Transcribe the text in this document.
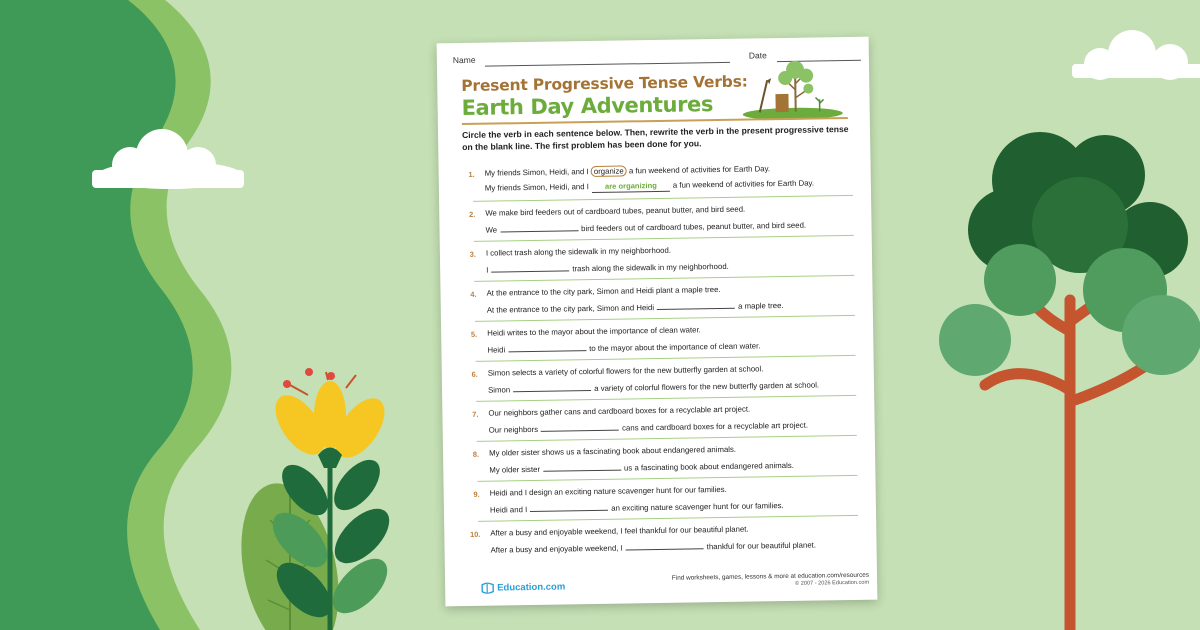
Name	Date
Present Progressive Tense Verbs:
Earth Day Adventures
Circle the verb in each sentence below. Then, rewrite the verb in the present progressive tense on the blank line. The first problem has been done for you.
1. My friends Simon, Heidi, and I organize a fun weekend of activities for Earth Day.
My friends Simon, Heidi, and I are organizing a fun weekend of activities for Earth Day.
2. We make bird feeders out of cardboard tubes, peanut butter, and bird seed.
We	bird feeders out of cardboard tubes, peanut butter, and bird seed.
3. I collect trash along the sidewalk in my neighborhood.
I	trash along the sidewalk in my neighborhood.
4. At the entrance to the city park, Simon and Heidi plant a maple tree.
At the entrance to the city park, Simon and Heidi	a maple tree.
5. Heidi writes to the mayor about the importance of clean water.
Heidi	to the mayor about the importance of clean water.
6. Simon selects a variety of colorful flowers for the new butterfly garden at school.
Simon	a variety of colorful flowers for the new butterfly garden at school.
7. Our neighbors gather cans and cardboard boxes for a recyclable art project.
Our neighbors	cans and cardboard boxes for a recyclable art project.
8. My older sister shows us a fascinating book about endangered animals.
My older sister	us a fascinating book about endangered animals.
9. Heidi and I design an exciting nature scavenger hunt for our families.
Heidi and I	an exciting nature scavenger hunt for our families.
10. After a busy and enjoyable weekend, I feel thankful for our beautiful planet.
After a busy and enjoyable weekend, I	thankful for our beautiful planet.
Education.com
Find worksheets, games, lessons & more at education.com/resources
© 2007 - 2026 Education.com
